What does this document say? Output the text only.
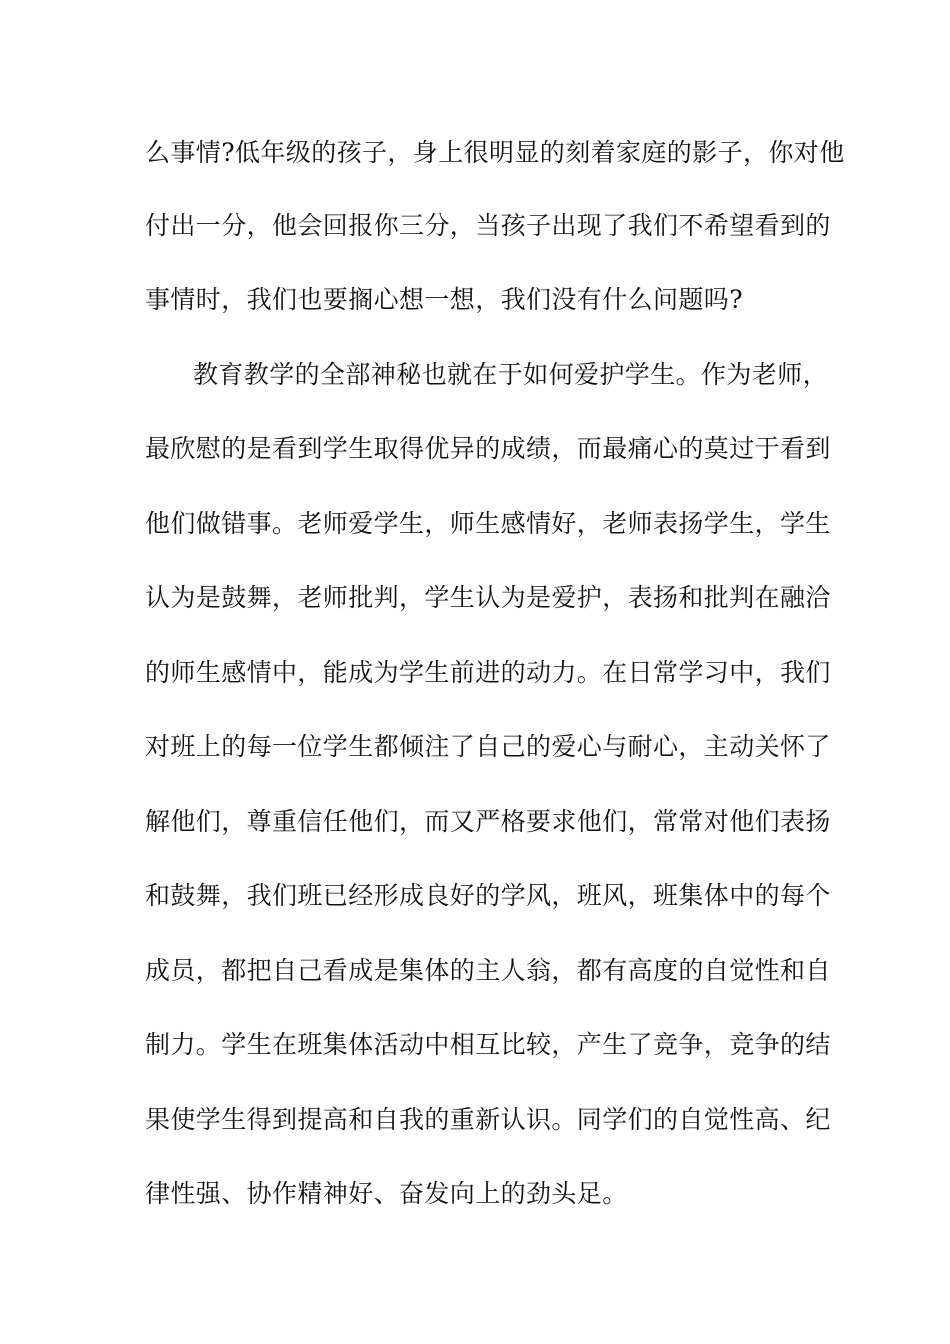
么事情?低年级的孩子，身上很明显的刻着家庭的影子，你对他
付出一分，他会回报你三分，当孩子出现了我们不希望看到的
事情时，我们也要搁心想一想，我们没有什么问题吗?
教育教学的全部神秘也就在于如何爱护学生。作为老师，
最欣慰的是看到学生取得优异的成绩，而最痛心的莫过于看到
他们做错事。老师爱学生，师生感情好，老师表扬学生，学生
认为是鼓舞，老师批判，学生认为是爱护，表扬和批判在融洽
的师生感情中，能成为学生前进的动力。在日常学习中，我们
对班上的每一位学生都倾注了自己的爱心与耐心，主动关怀了
解他们，尊重信任他们，而又严格要求他们，常常对他们表扬
和鼓舞，我们班已经形成良好的学风，班风，班集体中的每个
成员，都把自己看成是集体的主人翁，都有高度的自觉性和自
制力。学生在班集体活动中相互比较，产生了竞争，竞争的结
果使学生得到提高和自我的重新认识。同学们的自觉性高、纪
律性强、协作精神好、奋发向上的劲头足。
